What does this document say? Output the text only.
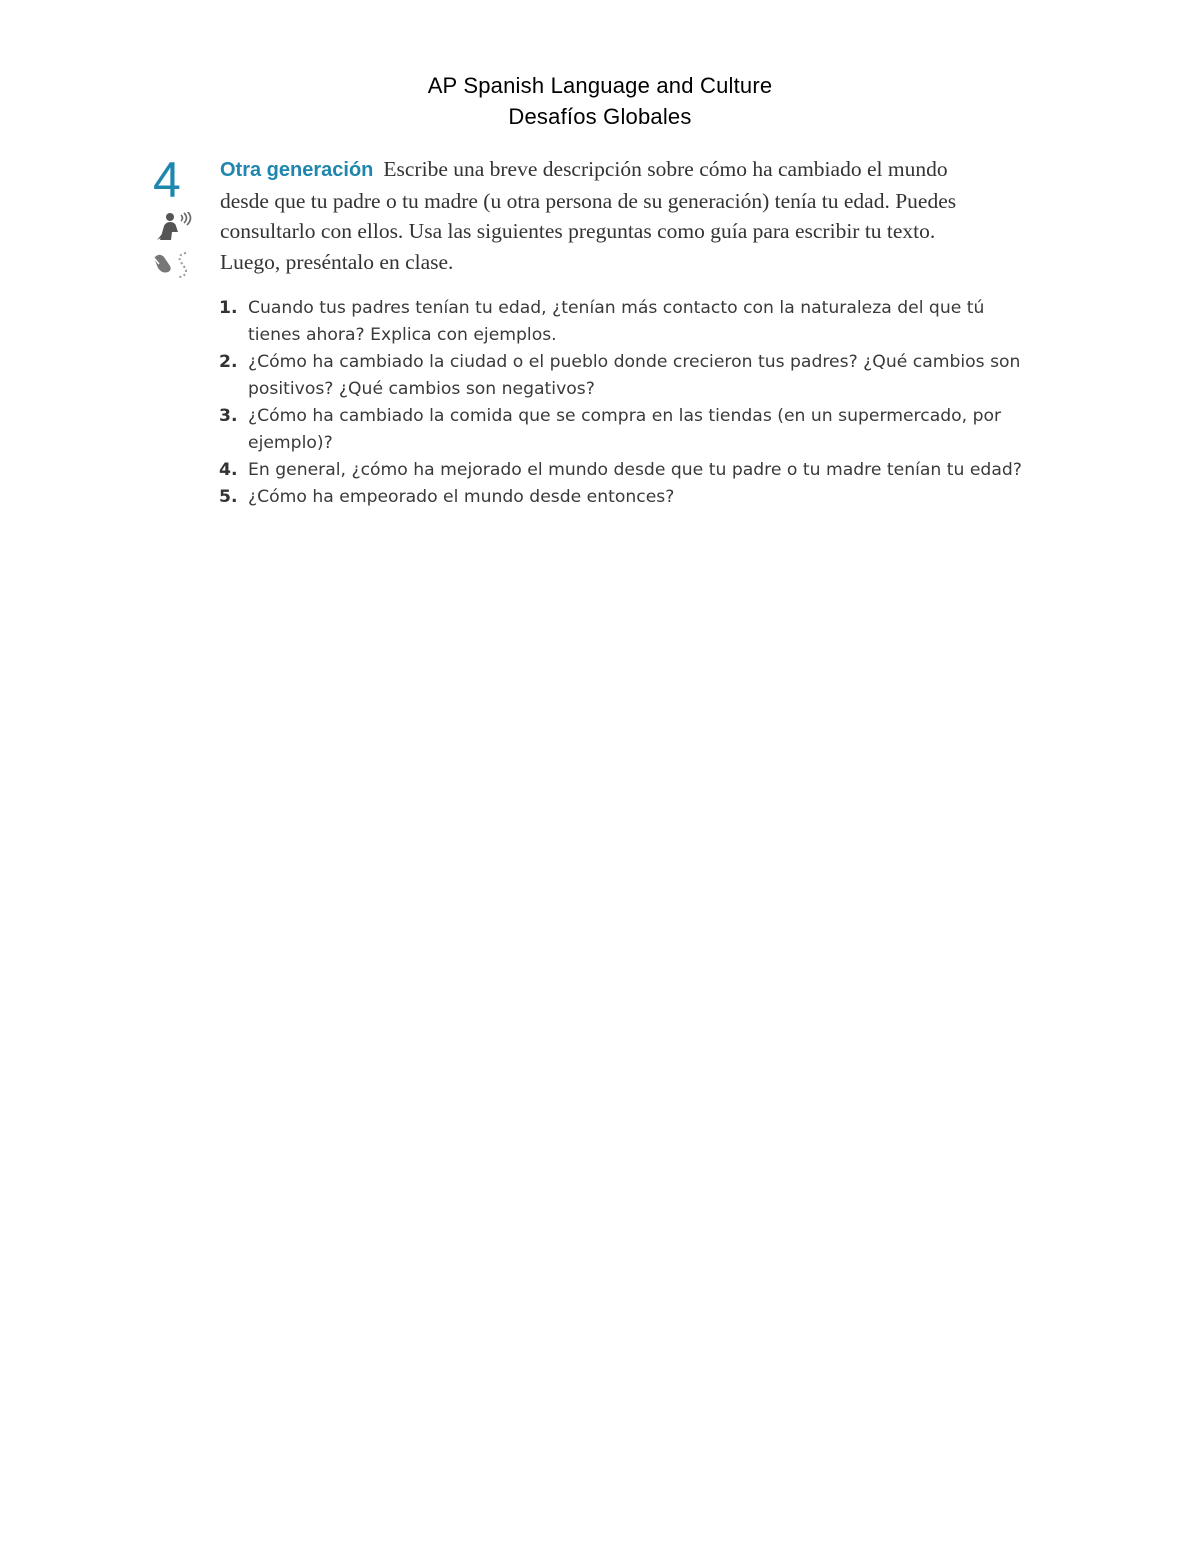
AP Spanish Language and Culture
Desafíos Globales
4 Otra generación Escribe una breve descripción sobre cómo ha cambiado el mundo desde que tu padre o tu madre (u otra persona de su generación) tenía tu edad. Puedes consultarlo con ellos. Usa las siguientes preguntas como guía para escribir tu texto. Luego, preséntalo en clase.
1. Cuando tus padres tenían tu edad, ¿tenían más contacto con la naturaleza del que tú tienes ahora? Explica con ejemplos.
2. ¿Cómo ha cambiado la ciudad o el pueblo donde crecieron tus padres? ¿Qué cambios son positivos? ¿Qué cambios son negativos?
3. ¿Cómo ha cambiado la comida que se compra en las tiendas (en un supermercado, por ejemplo)?
4. En general, ¿cómo ha mejorado el mundo desde que tu padre o tu madre tenían tu edad?
5. ¿Cómo ha empeorado el mundo desde entonces?
